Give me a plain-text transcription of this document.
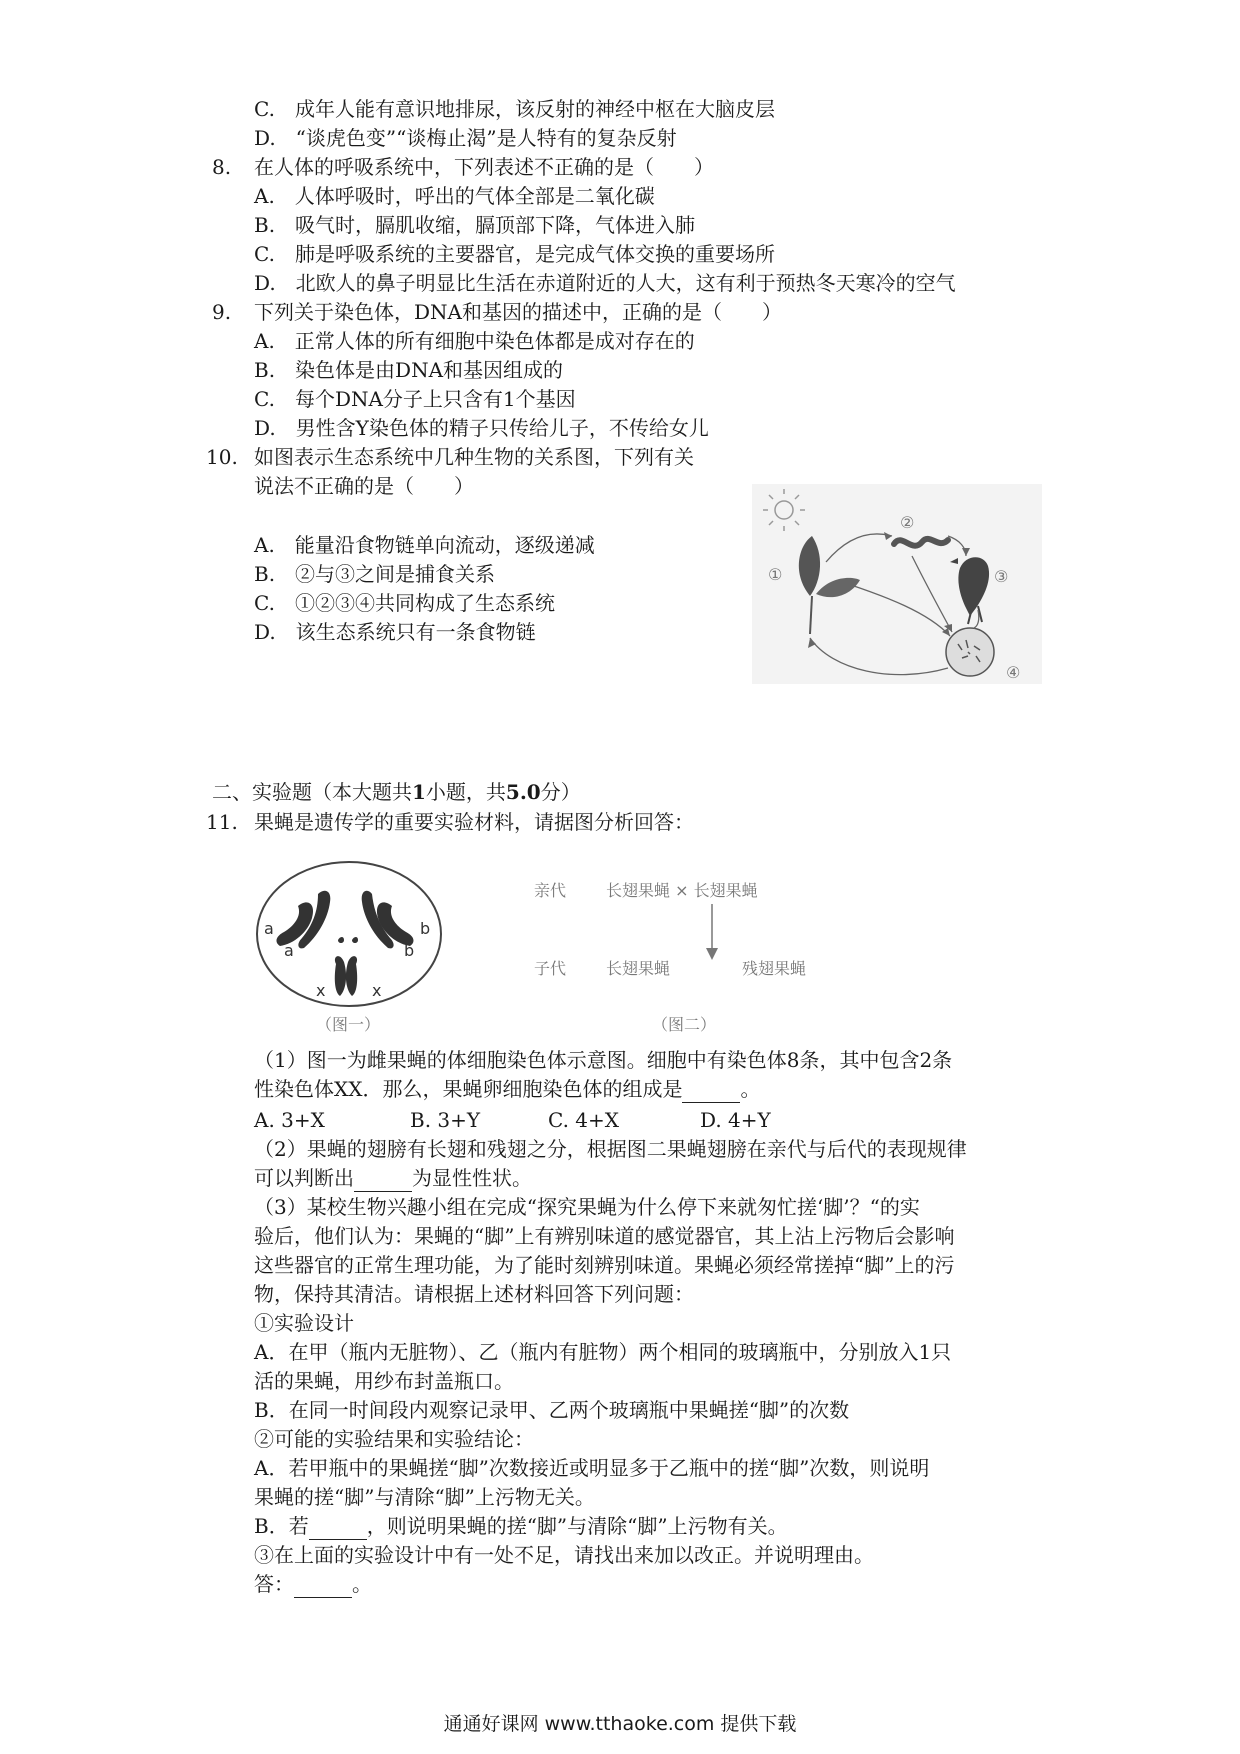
C.　成年人能有意识地排尿，该反射的神经中枢在大脑皮层
D.　“谈虎色变”“谈梅止渴”是人特有的复杂反射
8. 在人体的呼吸系统中，下列表述不正确的是（　　）
A.　人体呼吸时，呼出的气体全部是二氧化碳
B.　吸气时，膈肌收缩，膈顶部下降，气体进入肺
C.　肺是呼吸系统的主要器官，是完成气体交换的重要场所
D.　北欧人的鼻子明显比生活在赤道附近的人大，这有利于预热冬天寒冷的空气
9. 下列关于染色体，DNA和基因的描述中，正确的是（　　）
A.　正常人体的所有细胞中染色体都是成对存在的
B.　染色体是由DNA和基因组成的
C.　每个DNA分子上只含有1个基因
D.　男性含Y染色体的精子只传给儿子，不传给女儿
10. 如图表示生态系统中几种生物的关系图，下列有关
说法不正确的是（　　）
A.　能量沿食物链单向流动，逐级递减
B.　②与③之间是捕食关系
C.　①②③④共同构成了生态系统
D.　该生态系统只有一条食物链
①
②
③
④
二、实验题（本大题共1小题，共5.0分）
11. 果蝇是遗传学的重要实验材料，请据图分析回答：
a
a
b
b
x	x
（图一）
亲代 长翅果蝇 × 长翅果蝇
子代 长翅果蝇	残翅果蝇
（图二）
（1）图一为雌果蝇的体细胞染色体示意图。细胞中有染色体8条，其中包含2条
性染色体XX．那么，果蝇卵细胞染色体的组成是	。
A. 3+X	B. 3+Y	C. 4+X	D. 4+Y
（2）果蝇的翅膀有长翅和残翅之分，根据图二果蝇翅膀在亲代与后代的表现规律
可以判断出	为显性性状。
（3）某校生物兴趣小组在完成“探究果蝇为什么停下来就匆忙搓‘脚’？“的实
验后，他们认为：果蝇的“脚”上有辨别味道的感觉器官，其上沾上污物后会影响
这些器官的正常生理功能，为了能时刻辨别味道。果蝇必须经常搓掉“脚”上的污
物，保持其清洁。请根据上述材料回答下列问题：
①实验设计
A．在甲（瓶内无脏物）、乙（瓶内有脏物）两个相同的玻璃瓶中，分别放入1只
活的果蝇，用纱布封盖瓶口。
B．在同一时间段内观察记录甲、乙两个玻璃瓶中果蝇搓“脚”的次数
②可能的实验结果和实验结论：
A．若甲瓶中的果蝇搓“脚”次数接近或明显多于乙瓶中的搓“脚”次数，则说明
果蝇的搓“脚”与清除“脚”上污物无关。
B．若	，则说明果蝇的搓“脚”与清除“脚”上污物有关。
③在上面的实验设计中有一处不足，请找出来加以改正。并说明理由。
答：	。
通通好课网 www.tthaoke.com 提供下载
